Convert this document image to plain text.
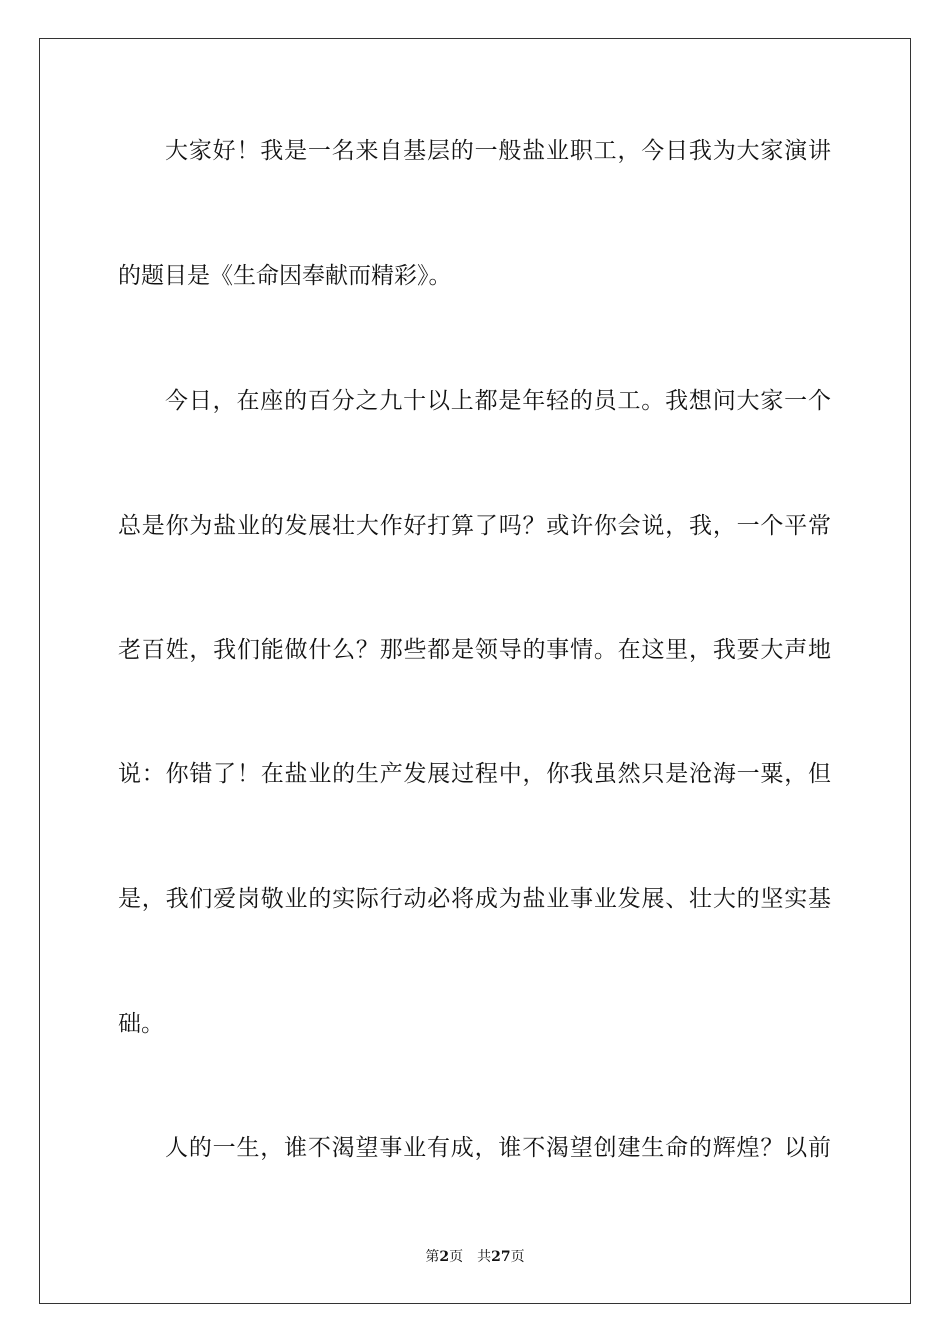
大家好！我是一名来自基层的一般盐业职工，今日我为大家演讲
的题目是《生命因奉献而精彩》。
今日，在座的百分之九十以上都是年轻的员工。我想问大家一个
总是你为盐业的发展壮大作好打算了吗？或许你会说，我，一个平常
老百姓，我们能做什么？那些都是领导的事情。在这里，我要大声地
说：你错了！在盐业的生产发展过程中，你我虽然只是沧海一粟，但
是，我们爱岗敬业的实际行动必将成为盐业事业发展、壮大的坚实基
础。
人的一生，谁不渴望事业有成，谁不渴望创建生命的辉煌？以前
第2页 共27页
